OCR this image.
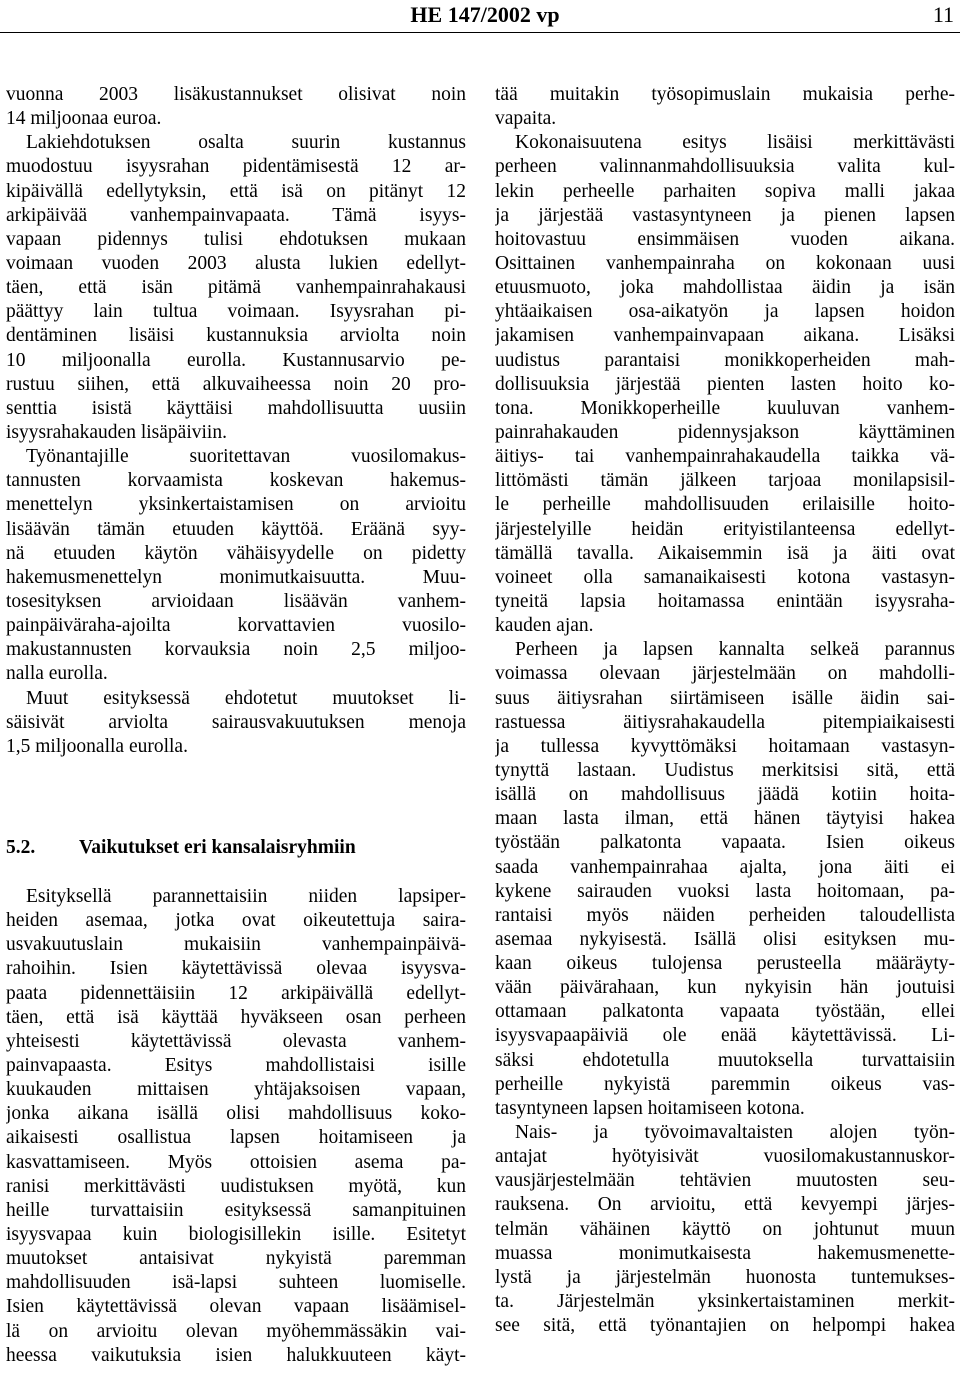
HE 147/2002 vp	11
vuonna 2003 lisäkustannukset olisivat noin
14 miljoonaa euroa.
Lakiehdotuksen osalta suurin kustannus
muodostuu isyysrahan pidentämisestä 12 ar-
kipäivällä edellytyksin, että isä on pitänyt 12
arkipäivää vanhempainvapaata. Tämä isyys-
vapaan pidennys tulisi ehdotuksen mukaan
voimaan vuoden 2003 alusta lukien edellyt-
täen, että isän pitämä vanhempainrahakausi
päättyy lain tultua voimaan. Isyysrahan pi-
dentäminen lisäisi kustannuksia arviolta noin
10 miljoonalla eurolla. Kustannusarvio pe-
rustuu siihen, että alkuvaiheessa noin 20 pro-
senttia isistä käyttäisi mahdollisuutta uusiin
isyysrahakauden lisäpäiviin.
Työnantajille suoritettavan vuosilomakus-
tannusten korvaamista koskevan hakemus-
menettelyn yksinkertaistamisen on arvioitu
lisäävän tämän etuuden käyttöä. Eräänä syy-
nä etuuden käytön vähäisyydelle on pidetty
hakemusmenettelyn monimutkaisuutta. Muu-
tosesityksen arvioidaan lisäävän vanhem-
painpäiväraha-ajoilta korvattavien vuosilo-
makustannusten korvauksia noin 2,5 miljoo-
nalla eurolla.
Muut esityksessä ehdotetut muutokset li-
säisivät arviolta sairausvakuutuksen menoja
1,5 miljoonalla eurolla.
5.2. Vaikutukset eri kansalaisryhmiin
Esityksellä parannettaisiin niiden lapsiper-
heiden asemaa, jotka ovat oikeutettuja saira-
usvakuutuslain mukaisiin vanhempainpäivä-
rahoihin. Isien käytettävissä olevaa isyysva-
paata pidennettäisiin 12 arkipäivällä edellyt-
täen, että isä käyttää hyväkseen osan perheen
yhteisesti käytettävissä olevasta vanhem-
painvapaasta. Esitys mahdollistaisi isille
kuukauden mittaisen yhtäjaksoisen vapaan,
jonka aikana isällä olisi mahdollisuus koko-
aikaisesti osallistua lapsen hoitamiseen ja
kasvattamiseen. Myös ottoisien asema pa-
ranisi merkittävästi uudistuksen myötä, kun
heille turvattaisiin esityksessä samanpituinen
isyysvapaa kuin biologisillekin isille. Esitetyt
muutokset antaisivat nykyistä paremman
mahdollisuuden isä-lapsi suhteen luomiselle.
Isien käytettävissä olevan vapaan lisäämisel-
lä on arvioitu olevan myöhemmässäkin vai-
heessa vaikutuksia isien halukkuuteen käyt-
tää muitakin työsopimuslain mukaisia perhe-
vapaita.
Kokonaisuutena esitys lisäisi merkittävästi
perheen valinnanmahdollisuuksia valita kul-
lekin perheelle parhaiten sopiva malli jakaa
ja järjestää vastasyntyneen ja pienen lapsen
hoitovastuu ensimmäisen vuoden aikana.
Osittainen vanhempainraha on kokonaan uusi
etuusmuoto, joka mahdollistaa äidin ja isän
yhtäaikaisen osa-aikatyön ja lapsen hoidon
jakamisen vanhempainvapaan aikana. Lisäksi
uudistus parantaisi monikkoperheiden mah-
dollisuuksia järjestää pienten lasten hoito ko-
tona. Monikkoperheille kuuluvan vanhem-
painrahakauden pidennysjakson käyttäminen
äitiys- tai vanhempainrahakaudella taikka vä-
littömästi tämän jälkeen tarjoaa monilapsisil-
le perheille mahdollisuuden erilaisille hoito-
järjestelyille heidän erityistilanteensa edellyt-
tämällä tavalla. Aikaisemmin isä ja äiti ovat
voineet olla samanaikaisesti kotona vastasyn-
tyneitä lapsia hoitamassa enintään isyysraha-
kauden ajan.
Perheen ja lapsen kannalta selkeä parannus
voimassa olevaan järjestelmään on mahdolli-
suus äitiysrahan siirtämiseen isälle äidin sai-
rastuessa äitiysrahakaudella pitempiaikaisesti
ja tullessa kyvyttömäksi hoitamaan vastasyn-
tynyttä lastaan. Uudistus merkitsisi sitä, että
isällä on mahdollisuus jäädä kotiin hoita-
maan lasta ilman, että hänen täytyisi hakea
työstään palkatonta vapaata. Isien oikeus
saada vanhempainrahaa ajalta, jona äiti ei
kykene sairauden vuoksi lasta hoitomaan, pa-
rantaisi myös näiden perheiden taloudellista
asemaa nykyisestä. Isällä olisi esityksen mu-
kaan oikeus tulojensa perusteella määräyty-
vään päivärahaan, kun nykyisin hän joutuisi
ottamaan palkatonta vapaata työstään, ellei
isyysvapaapäiviä ole enää käytettävissä. Li-
säksi ehdotetulla muutoksella turvattaisiin
perheille nykyistä paremmin oikeus vas-
tasyntyneen lapsen hoitamiseen kotona.
Nais- ja työvoimavaltaisten alojen työn-
antajat hyötyisivät vuosilomakustannuskor-
vausjärjestelmään tehtävien muutosten seu-
rauksena. On arvioitu, että kevyempi järjes-
telmän vähäinen käyttö on johtunut muun
muassa monimutkaisesta hakemusmenette-
lystä ja järjestelmän huonosta tuntemukses-
ta. Järjestelmän yksinkertaistaminen merkit-
see sitä, että työnantajien on helpompi hakea
